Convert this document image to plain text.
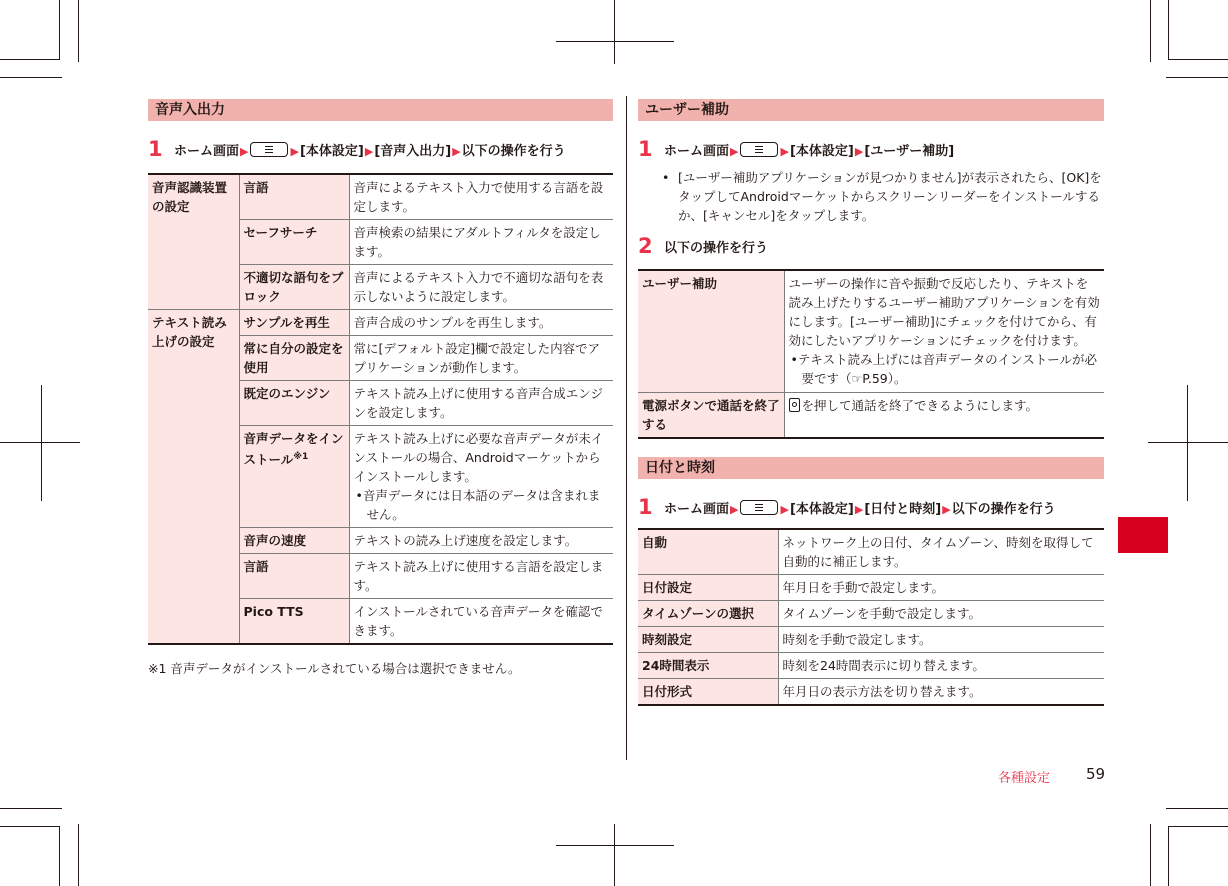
音声入出力
1 ホーム画面▶	▶[本体設定]▶[音声入出力]▶以下の操作を行う
音声認識装置の設定	言語	音声によるテキスト入力で使用する言語を設定します。
	セーフサーチ	音声検索の結果にアダルトフィルタを設定します。
	不適切な語句をブロック	音声によるテキスト入力で不適切な語句を表示しないように設定します。
テキスト読み上げの設定	サンプルを再生	音声合成のサンプルを再生します。
	常に自分の設定を使用	常に[デフォルト設定]欄で設定した内容でアプリケーションが動作します。
	既定のエンジン	テキスト読み上げに使用する音声合成エンジンを設定します。
	音声データをインストール$^{※1}$	テキスト読み上げに必要な音声データが未インストールの場合、Androidマーケットからインストールします。
•音声データには日本語のデータは含まれません。

	音声の速度	テキストの読み上げ速度を設定します。
	言語	テキスト読み上げに使用する言語を設定します。
	Pico TTS	インストールされている音声データを確認できます。
※1 音声データがインストールされている場合は選択できません。
ユーザー補助
1 ホーム画面▶	▶[本体設定]▶[ユーザー補助]
• [ユーザー補助アプリケーションが見つかりません]が表示されたら、[OK]をタップしてAndroidマーケットからスクリーンリーダーをインストールするか、[キャンセル]をタップします。
2 以下の操作を行う
ユーザー補助	ユーザーの操作に音や振動で反応したり、テキストを読み上げたりするユーザー補助アプリケーションを有効にします。[ユーザー補助]にチェックを付けてから、有効にしたいアプリケーションにチェックを付けます。
•テキスト読み上げには音声データのインストールが必要です（☞P.59）。

電源ボタンで通話を終了する	を押して通話を終了できるようにします。
日付と時刻
1 ホーム画面▶	▶[本体設定]▶[日付と時刻]▶以下の操作を行う
自動	ネットワーク上の日付、タイムゾーン、時刻を取得して自動的に補正します。
日付設定	年月日を手動で設定します。
タイムゾーンの選択	タイムゾーンを手動で設定します。
時刻設定	時刻を手動で設定します。
24時間表示	時刻を24時間表示に切り替えます。
日付形式	年月日の表示方法を切り替えます。
各種設定 59
